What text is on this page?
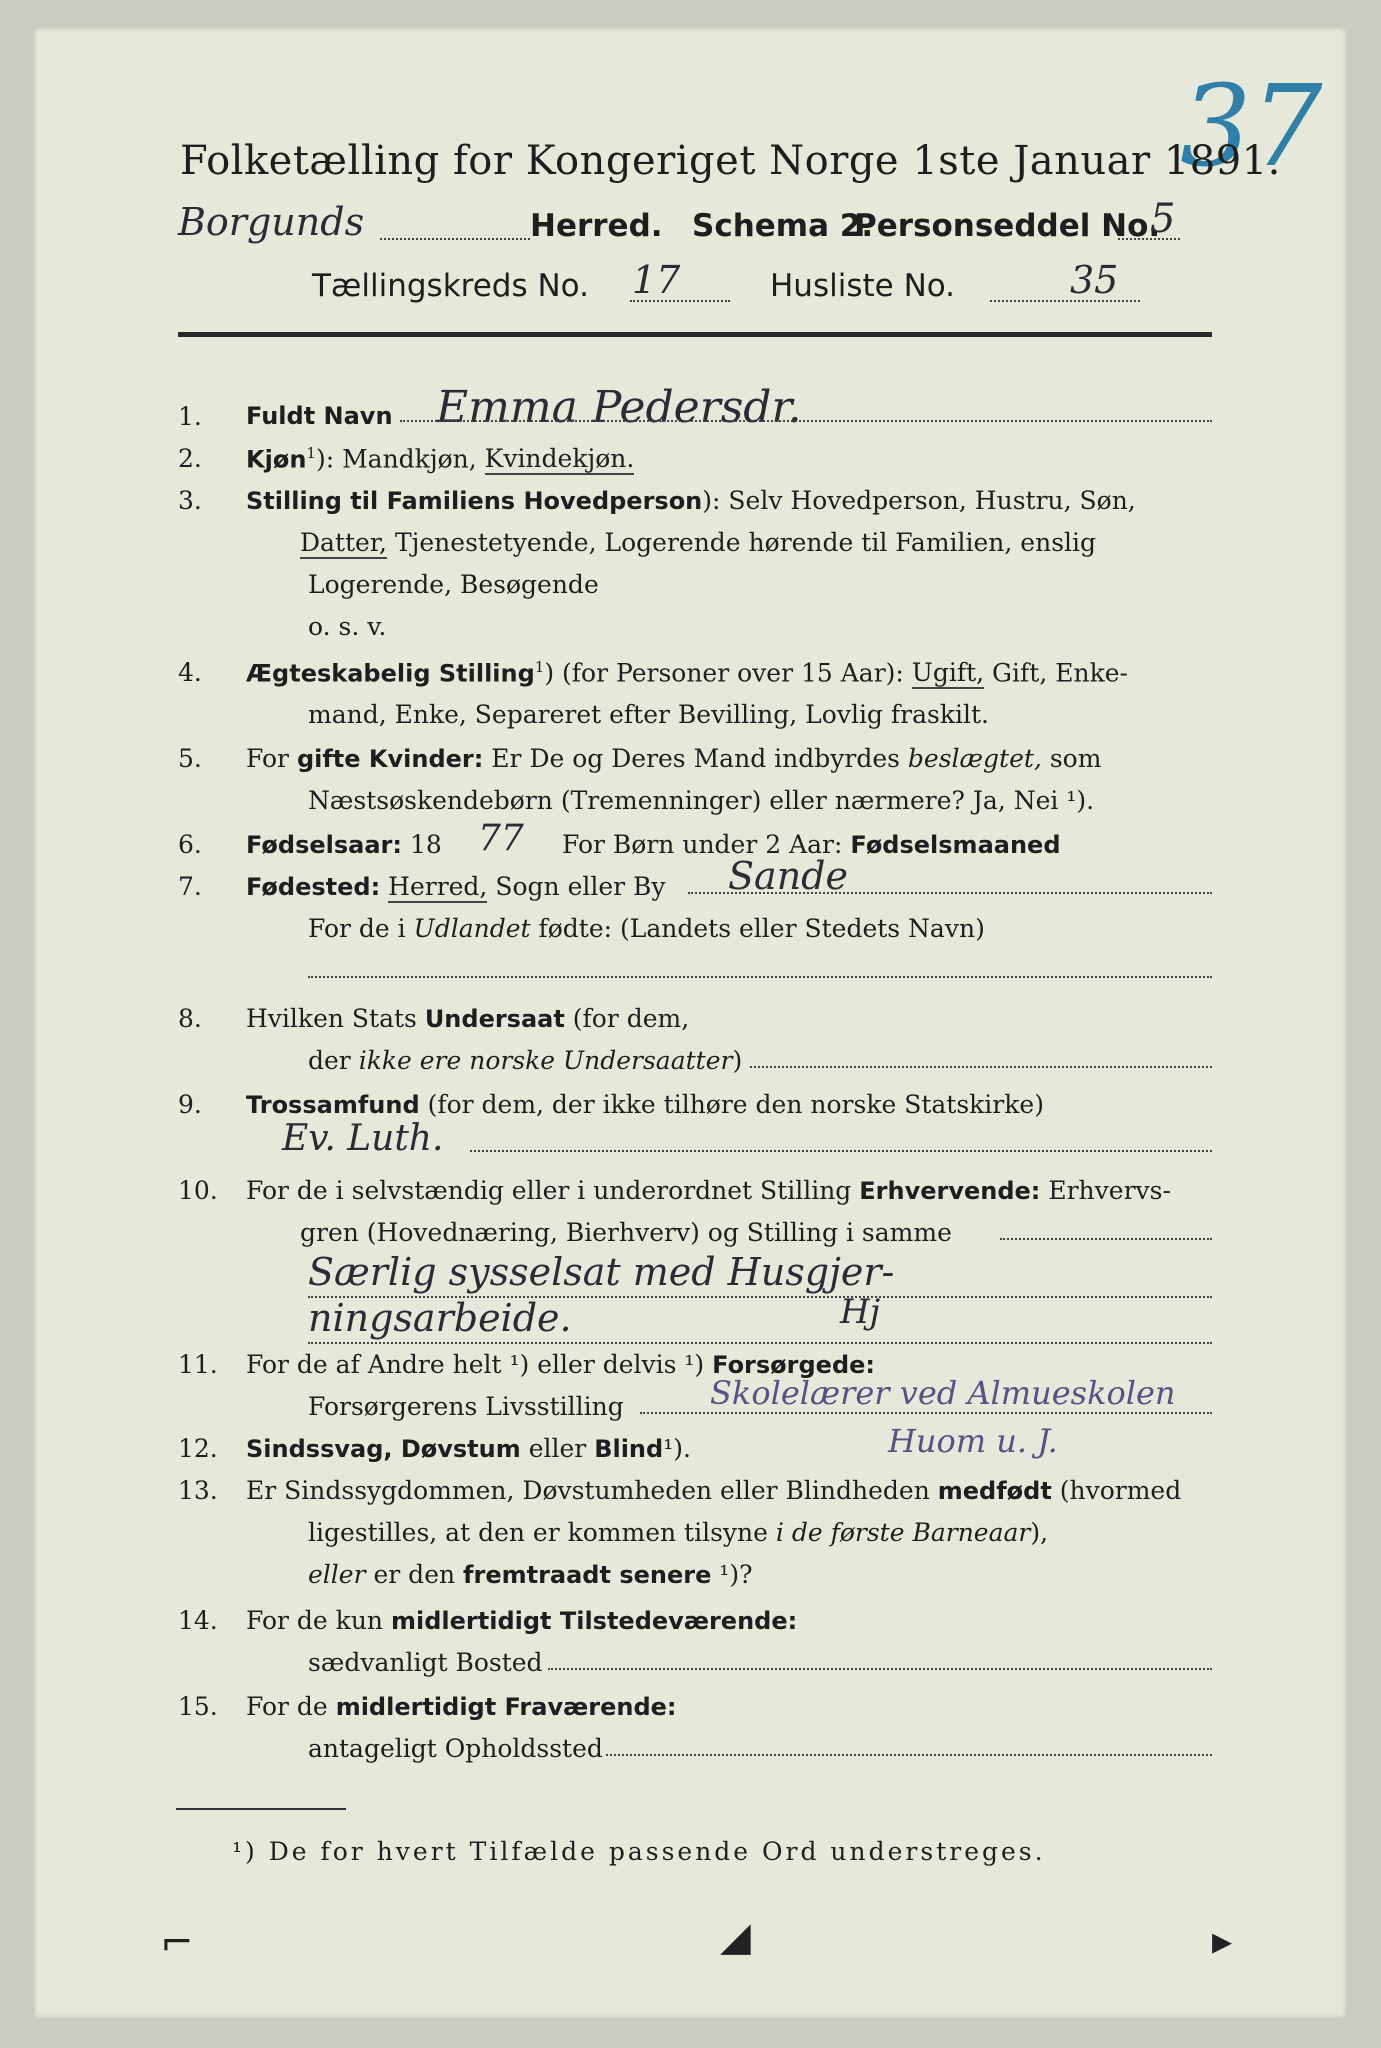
37
Folketælling for Kongeriget Norge 1ste Januar 1891.
Borgunds	Herred. Schema 2.
Personseddel No.
5
Tællingskreds No. 17	Husliste No.	35
1. Fuldt Navn Emma Pedersdr.
2. Kjøn$^1$): Mandkjøn, Kvindekjøn.
3. Stilling til Familiens Hovedperson): Selv Hovedperson, Hustru, Søn,
Datter, Tjenestetyende, Logerende hørende til Familien, enslig
Logerende, Besøgende
o. s. v.
4. Ægteskabelig Stilling$^1$) (for Personer over 15 Aar): Ugift, Gift, Enke-
mand, Enke, Separeret efter Bevilling, Lovlig fraskilt.
5. For gifte Kvinder: Er De og Deres Mand indbyrdes beslægtet, som
Næstsøskendebørn (Tremenninger) eller nærmere? Ja, Nei ¹).
6. Fødselsaar: 18 77 For Børn under 2 Aar: Fødselsmaaned
7. Fødested: Herred, Sogn eller By Sande
For de i Udlandet fødte: (Landets eller Stedets Navn)
8. Hvilken Stats Undersaat (for dem,
der ikke ere norske Undersaatter)
9. Trossamfund (for dem, der ikke tilhøre den norske Statskirke)
Ev. Luth.
10. For de i selvstændig eller i underordnet Stilling Erhvervende: Erhvervs-
gren (Hovednæring, Bierhverv) og Stilling i samme
Særlig sysselsat med Husgjer-
ningsarbeide.	Hj
11. For de af Andre helt ¹) eller delvis ¹) Forsørgede:
Forsørgerens Livsstilling	Skolelærer ved Almueskolen
Huom u. J.
12. Sindssvag, Døvstum eller Blind¹).
13. Er Sindssygdommen, Døvstumheden eller Blindheden medfødt (hvormed
ligestilles, at den er kommen tilsyne i de første Barneaar),
eller er den fremtraadt senere ¹)?
14. For de kun midlertidigt Tilstedeværende:
sædvanligt Bosted
15. For de midlertidigt Fraværende:
antageligt Opholdssted
¹) De for hvert Tilfælde passende Ord understreges.
⌐	◢	▸
